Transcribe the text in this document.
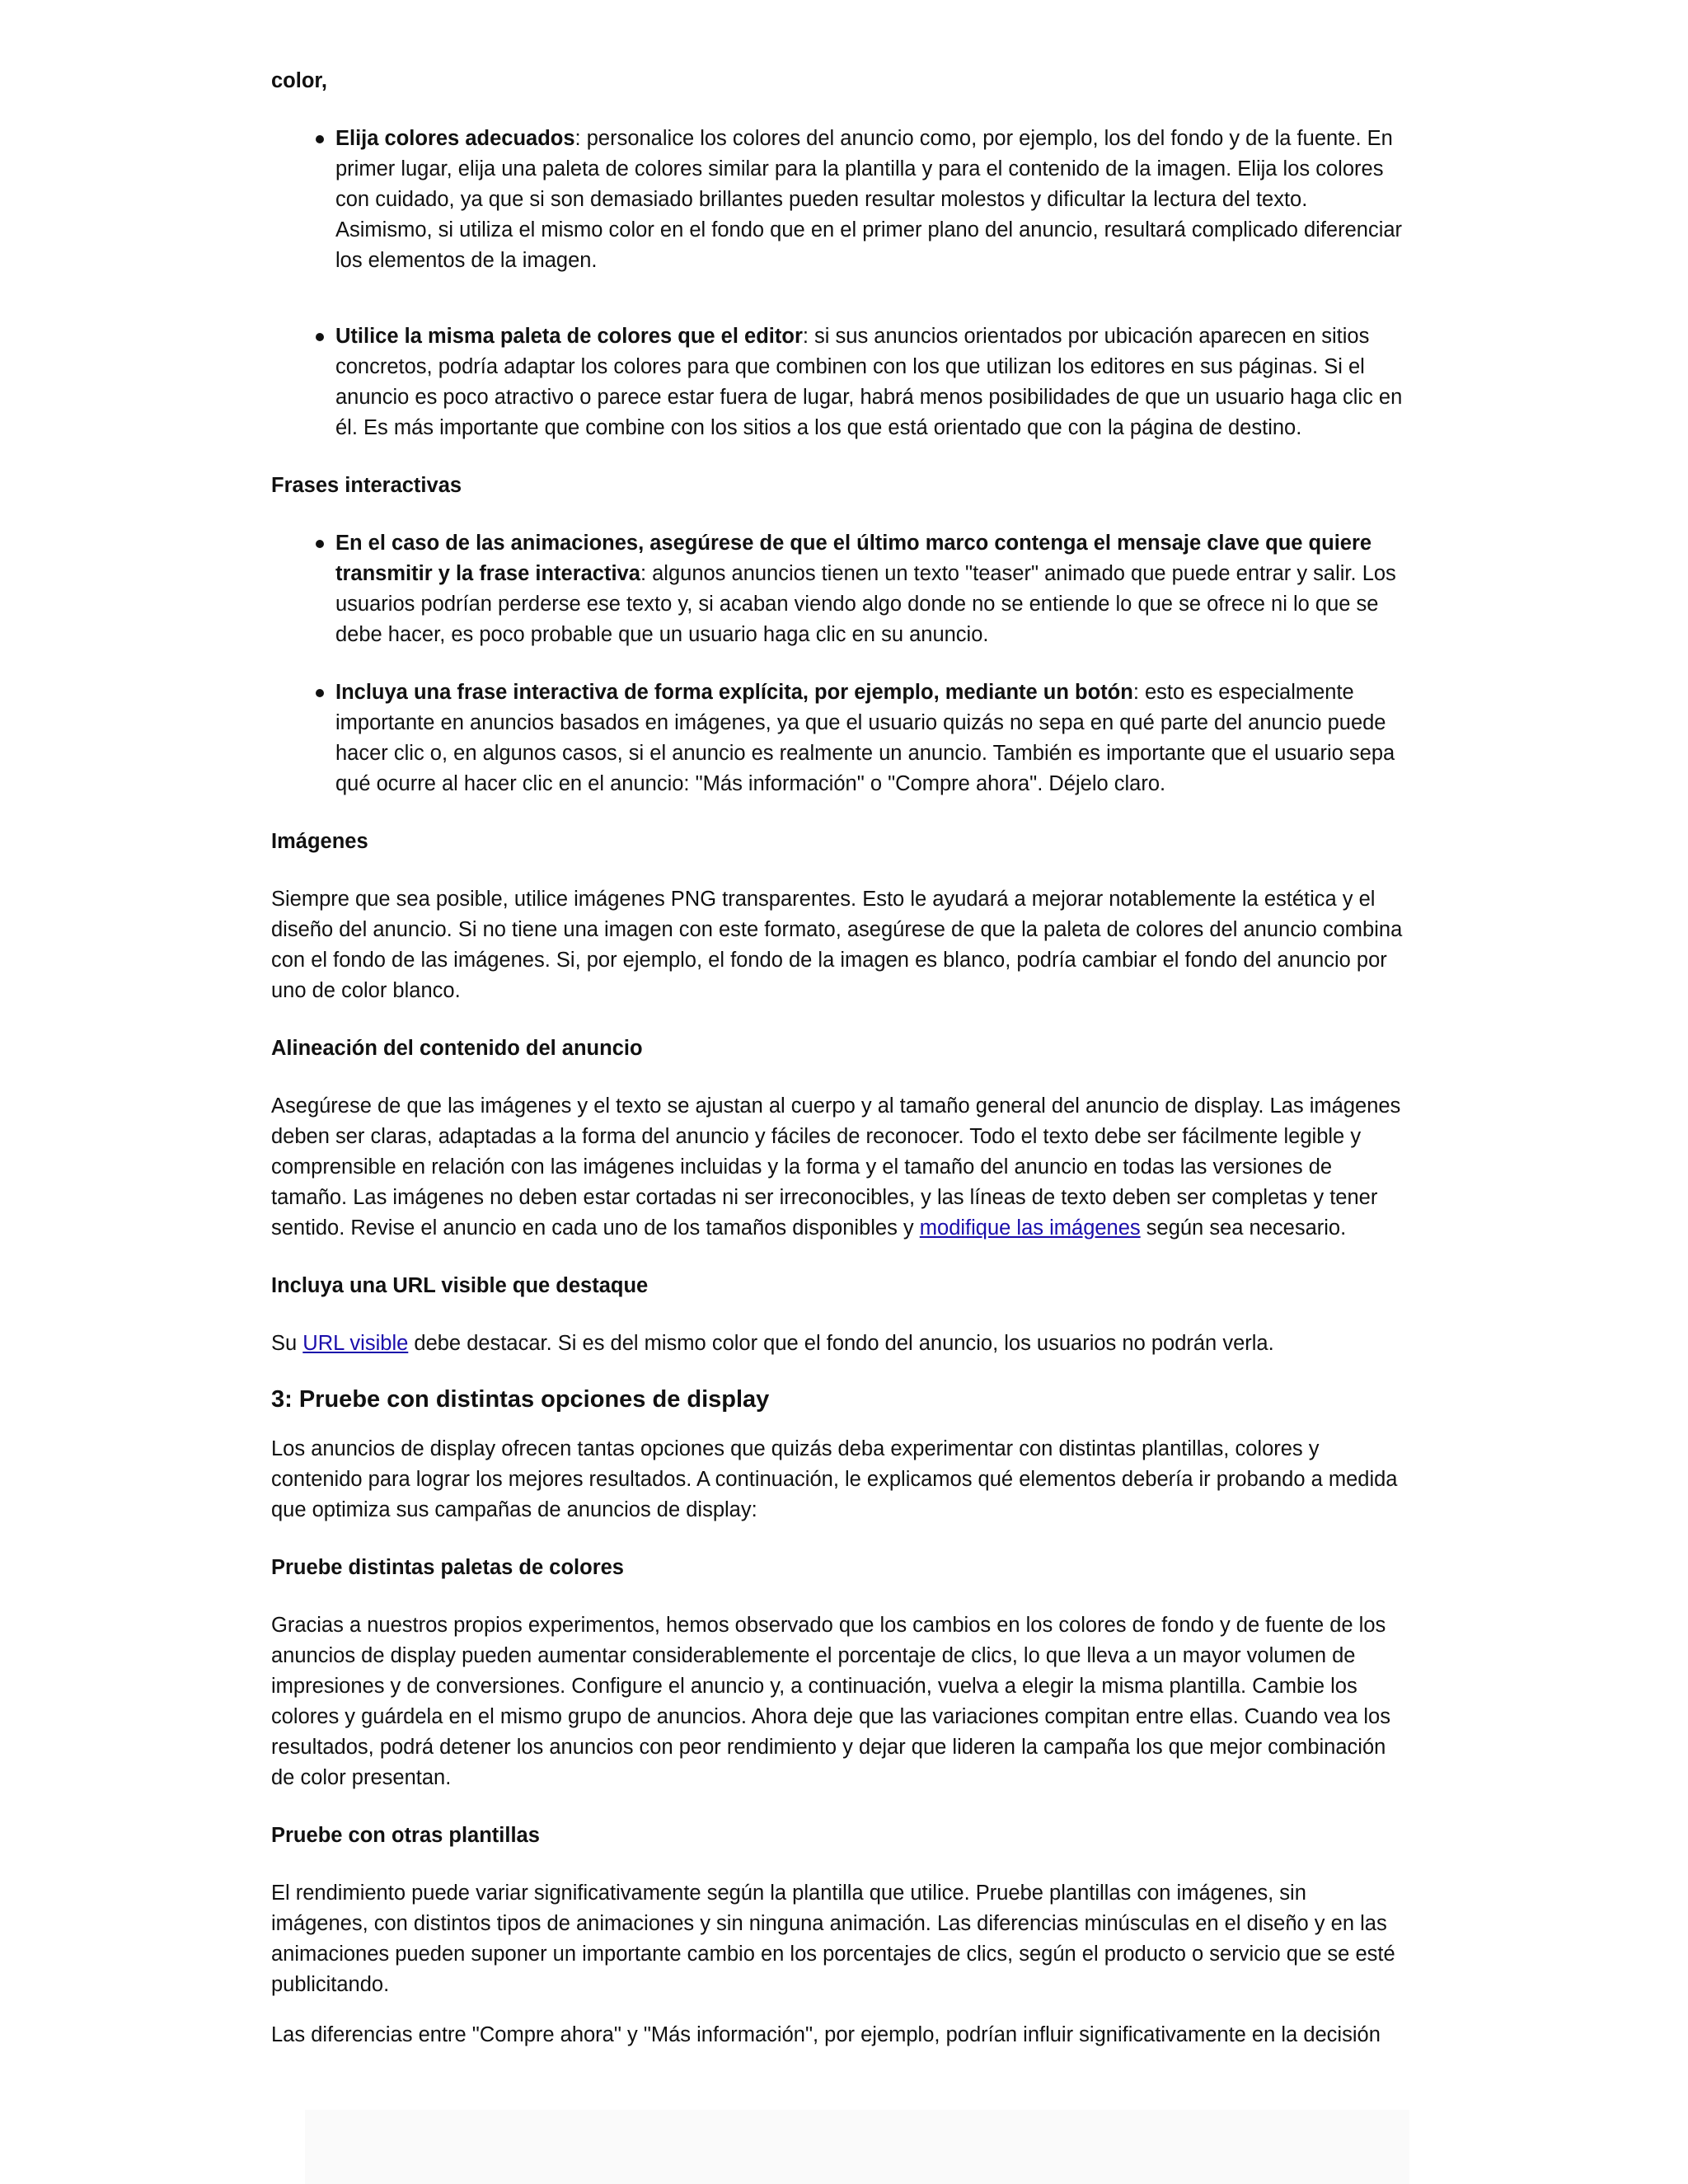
color,

Elija colores adecuados: personalice los colores del anuncio como, por ejemplo, los del fondo y de la fuente. En primer lugar, elija una paleta de colores similar para la plantilla y para el contenido de la imagen. Elija los colores con cuidado, ya que si son demasiado brillantes pueden resultar molestos y dificultar la lectura del texto. Asimismo, si utiliza el mismo color en el fondo que en el primer plano del anuncio, resultará complicado diferenciar los elementos de la imagen.
Utilice la misma paleta de colores que el editor: si sus anuncios orientados por ubicación aparecen en sitios concretos, podría adaptar los colores para que combinen con los que utilizan los editores en sus páginas. Si el anuncio es poco atractivo o parece estar fuera de lugar, habrá menos posibilidades de que un usuario haga clic en él. Es más importante que combine con los sitios a los que está orientado que con la página de destino.

Frases interactivas

En el caso de las animaciones, asegúrese de que el último marco contenga el mensaje clave que quiere transmitir y la frase interactiva: algunos anuncios tienen un texto "teaser" animado que puede entrar y salir. Los usuarios podrían perderse ese texto y, si acaban viendo algo donde no se entiende lo que se ofrece ni lo que se debe hacer, es poco probable que un usuario haga clic en su anuncio.
Incluya una frase interactiva de forma explícita, por ejemplo, mediante un botón: esto es especialmente importante en anuncios basados en imágenes, ya que el usuario quizás no sepa en qué parte del anuncio puede hacer clic o, en algunos casos, si el anuncio es realmente un anuncio. También es importante que el usuario sepa qué ocurre al hacer clic en el anuncio: "Más información" o "Compre ahora". Déjelo claro.

Imágenes

Siempre que sea posible, utilice imágenes PNG transparentes. Esto le ayudará a mejorar notablemente la estética y el diseño del anuncio. Si no tiene una imagen con este formato, asegúrese de que la paleta de colores del anuncio combina con el fondo de las imágenes. Si, por ejemplo, el fondo de la imagen es blanco, podría cambiar el fondo del anuncio por uno de color blanco.

Alineación del contenido del anuncio

Asegúrese de que las imágenes y el texto se ajustan al cuerpo y al tamaño general del anuncio de display. Las imágenes deben ser claras, adaptadas a la forma del anuncio y fáciles de reconocer. Todo el texto debe ser fácilmente legible y comprensible en relación con las imágenes incluidas y la forma y el tamaño del anuncio en todas las versiones de tamaño. Las imágenes no deben estar cortadas ni ser irreconocibles, y las líneas de texto deben ser completas y tener sentido. Revise el anuncio en cada uno de los tamaños disponibles y modifique las imágenes según sea necesario.

Incluya una URL visible que destaque

Su URL visible debe destacar. Si es del mismo color que el fondo del anuncio, los usuarios no podrán verla.

3: Pruebe con distintas opciones de display

Los anuncios de display ofrecen tantas opciones que quizás deba experimentar con distintas plantillas, colores y contenido para lograr los mejores resultados. A continuación, le explicamos qué elementos debería ir probando a medida que optimiza sus campañas de anuncios de display:

Pruebe distintas paletas de colores

Gracias a nuestros propios experimentos, hemos observado que los cambios en los colores de fondo y de fuente de los anuncios de display pueden aumentar considerablemente el porcentaje de clics, lo que lleva a un mayor volumen de impresiones y de conversiones. Configure el anuncio y, a continuación, vuelva a elegir la misma plantilla. Cambie los colores y guárdela en el mismo grupo de anuncios. Ahora deje que las variaciones compitan entre ellas. Cuando vea los resultados, podrá detener los anuncios con peor rendimiento y dejar que lideren la campaña los que mejor combinación de color presentan.

Pruebe con otras plantillas

El rendimiento puede variar significativamente según la plantilla que utilice. Pruebe plantillas con imágenes, sin imágenes, con distintos tipos de animaciones y sin ninguna animación. Las diferencias minúsculas en el diseño y en las animaciones pueden suponer un importante cambio en los porcentajes de clics, según el producto o servicio que se esté publicitando.

Las diferencias entre "Compre ahora" y "Más información", por ejemplo, podrían influir significativamente en la decisión
